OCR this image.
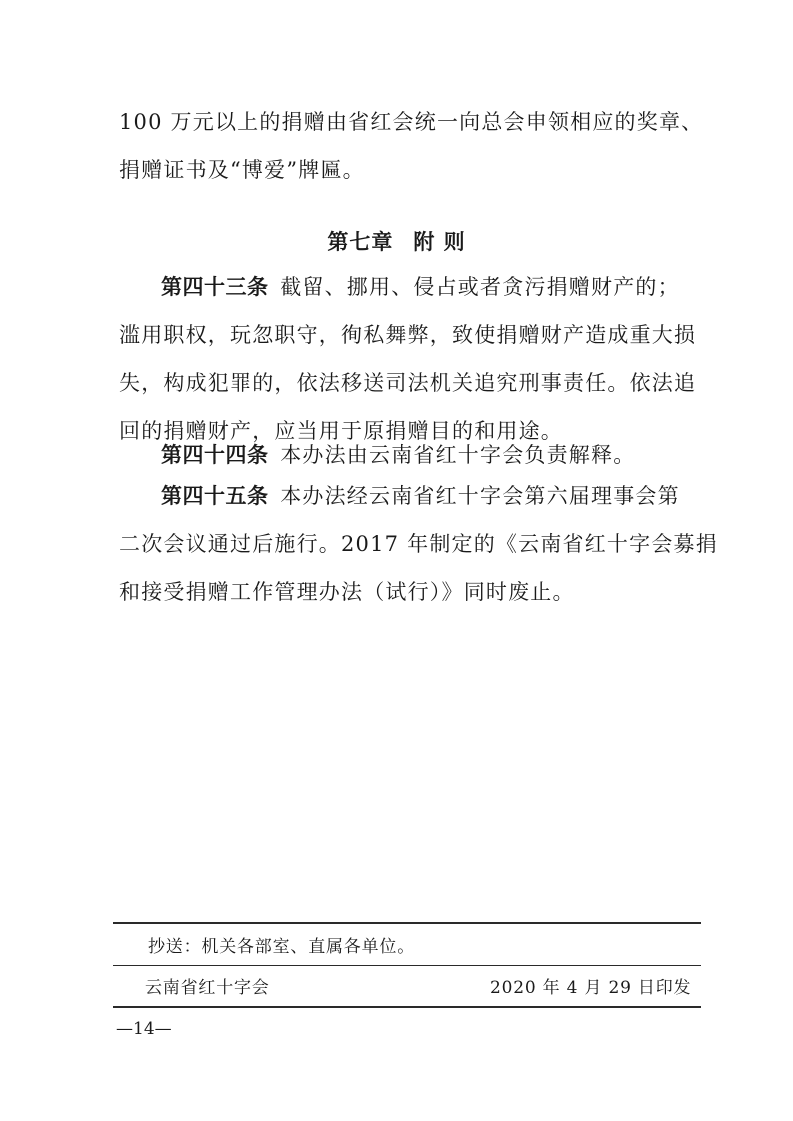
100 万元以上的捐赠由省红会统一向总会申领相应的奖章、
捐赠证书及“博爱”牌匾。
第七章 附 则
第四十三条  截留、挪用、侵占或者贪污捐赠财产的；
滥用职权，玩忽职守，徇私舞弊，致使捐赠财产造成重大损
失，构成犯罪的，依法移送司法机关追究刑事责任。依法追
回的捐赠财产，应当用于原捐赠目的和用途。
第四十四条  本办法由云南省红十字会负责解释。
第四十五条  本办法经云南省红十字会第六届理事会第
二次会议通过后施行。2017 年制定的《云南省红十字会募捐
和接受捐赠工作管理办法（试行）》同时废止。
抄送：机关各部室、直属各单位。
云南省红十字会	2020 年 4 月 29 日印发
—14—
